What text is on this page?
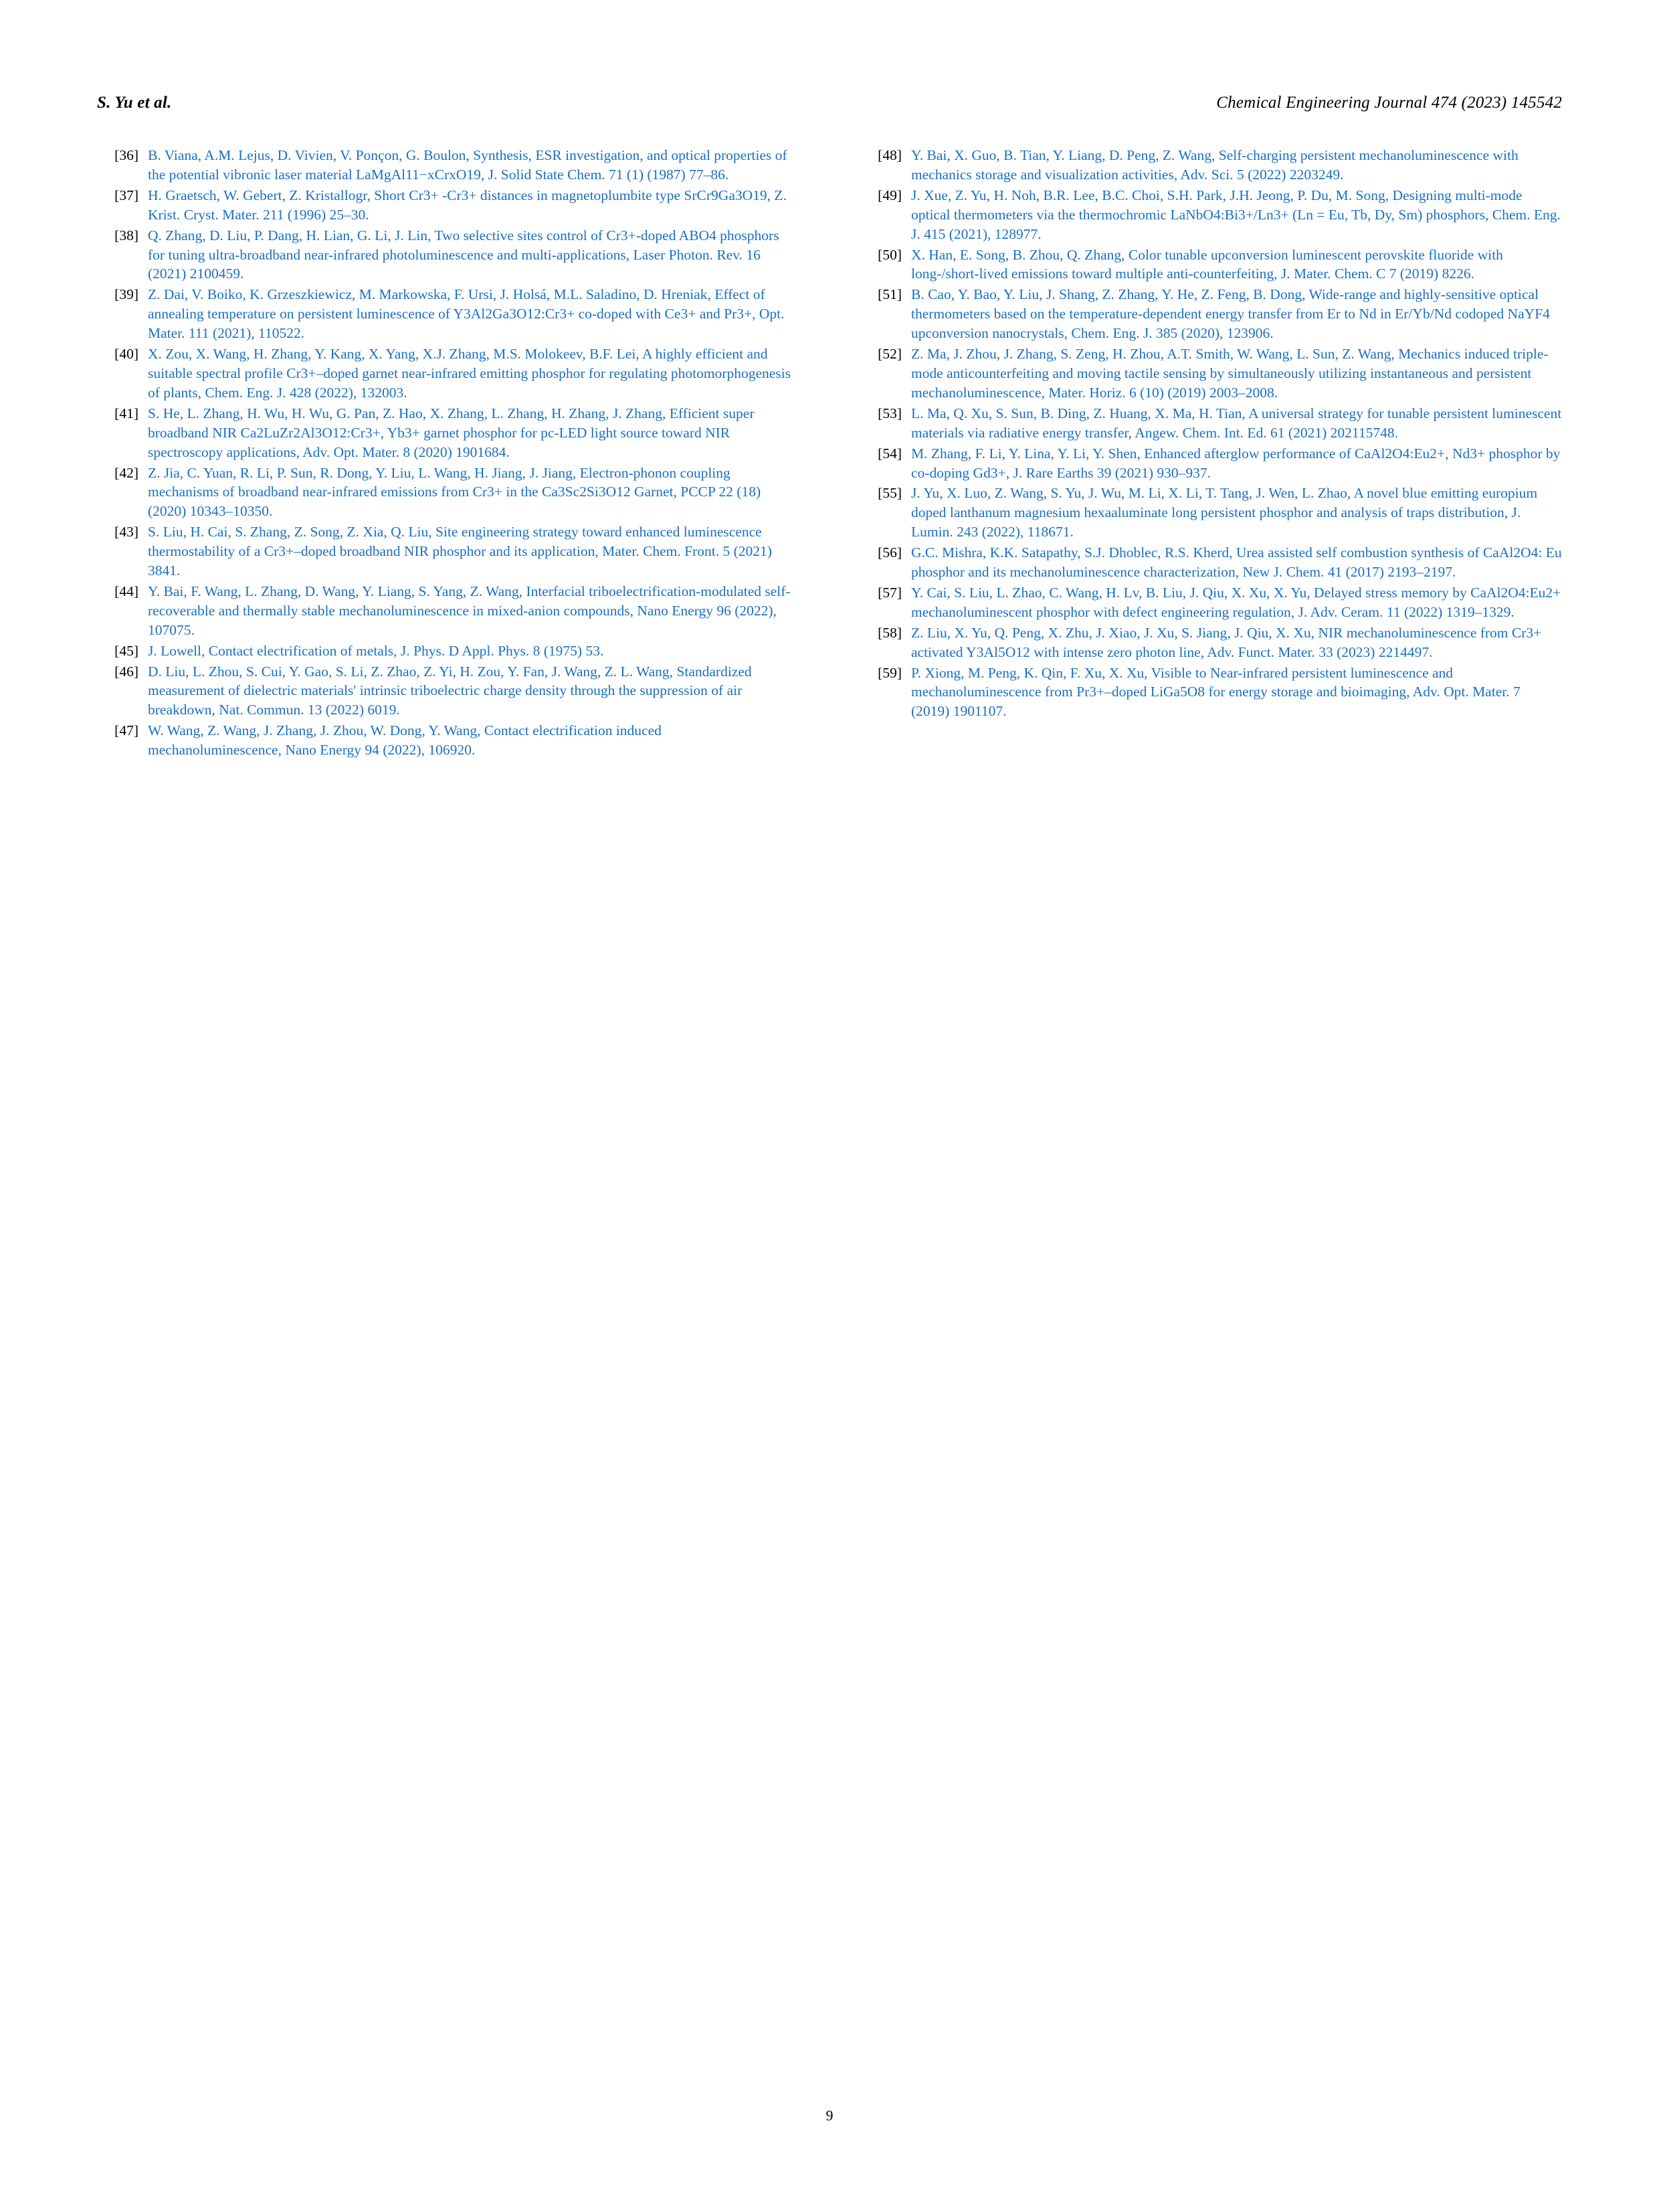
S. Yu et al.	Chemical Engineering Journal 474 (2023) 145542
[36] B. Viana, A.M. Lejus, D. Vivien, V. Ponçon, G. Boulon, Synthesis, ESR investigation, and optical properties of the potential vibronic laser material LaMgAl11−xCrxO19, J. Solid State Chem. 71 (1) (1987) 77–86.
[37] H. Graetsch, W. Gebert, Z. Kristallogr, Short Cr3+ -Cr3+ distances in magnetoplumbite type SrCr9Ga3O19, Z. Krist. Cryst. Mater. 211 (1996) 25–30.
[38] Q. Zhang, D. Liu, P. Dang, H. Lian, G. Li, J. Lin, Two selective sites control of Cr3+-doped ABO4 phosphors for tuning ultra-broadband near-infrared photoluminescence and multi-applications, Laser Photon. Rev. 16 (2021) 2100459.
[39] Z. Dai, V. Boiko, K. Grzeszkiewicz, M. Markowska, F. Ursi, J. Holsá, M.L. Saladino, D. Hreniak, Effect of annealing temperature on persistent luminescence of Y3Al2Ga3O12:Cr3+ co-doped with Ce3+ and Pr3+, Opt. Mater. 111 (2021), 110522.
[40] X. Zou, X. Wang, H. Zhang, Y. Kang, X. Yang, X.J. Zhang, M.S. Molokeev, B.F. Lei, A highly efficient and suitable spectral profile Cr3+–doped garnet near-infrared emitting phosphor for regulating photomorphogenesis of plants, Chem. Eng. J. 428 (2022), 132003.
[41] S. He, L. Zhang, H. Wu, H. Wu, G. Pan, Z. Hao, X. Zhang, L. Zhang, H. Zhang, J. Zhang, Efficient super broadband NIR Ca2LuZr2Al3O12:Cr3+, Yb3+ garnet phosphor for pc-LED light source toward NIR spectroscopy applications, Adv. Opt. Mater. 8 (2020) 1901684.
[42] Z. Jia, C. Yuan, R. Li, P. Sun, R. Dong, Y. Liu, L. Wang, H. Jiang, J. Jiang, Electron-phonon coupling mechanisms of broadband near-infrared emissions from Cr3+ in the Ca3Sc2Si3O12 Garnet, PCCP 22 (18) (2020) 10343–10350.
[43] S. Liu, H. Cai, S. Zhang, Z. Song, Z. Xia, Q. Liu, Site engineering strategy toward enhanced luminescence thermostability of a Cr3+–doped broadband NIR phosphor and its application, Mater. Chem. Front. 5 (2021) 3841.
[44] Y. Bai, F. Wang, L. Zhang, D. Wang, Y. Liang, S. Yang, Z. Wang, Interfacial triboelectrification-modulated self-recoverable and thermally stable mechanoluminescence in mixed-anion compounds, Nano Energy 96 (2022), 107075.
[45] J. Lowell, Contact electrification of metals, J. Phys. D Appl. Phys. 8 (1975) 53.
[46] D. Liu, L. Zhou, S. Cui, Y. Gao, S. Li, Z. Zhao, Z. Yi, H. Zou, Y. Fan, J. Wang, Z. L. Wang, Standardized measurement of dielectric materials' intrinsic triboelectric charge density through the suppression of air breakdown, Nat. Commun. 13 (2022) 6019.
[47] W. Wang, Z. Wang, J. Zhang, J. Zhou, W. Dong, Y. Wang, Contact electrification induced mechanoluminescence, Nano Energy 94 (2022), 106920.
[48] Y. Bai, X. Guo, B. Tian, Y. Liang, D. Peng, Z. Wang, Self-charging persistent mechanoluminescence with mechanics storage and visualization activities, Adv. Sci. 5 (2022) 2203249.
[49] J. Xue, Z. Yu, H. Noh, B.R. Lee, B.C. Choi, S.H. Park, J.H. Jeong, P. Du, M. Song, Designing multi-mode optical thermometers via the thermochromic LaNbO4:Bi3+/Ln3+ (Ln = Eu, Tb, Dy, Sm) phosphors, Chem. Eng. J. 415 (2021), 128977.
[50] X. Han, E. Song, B. Zhou, Q. Zhang, Color tunable upconversion luminescent perovskite fluoride with long-/short-lived emissions toward multiple anti-counterfeiting, J. Mater. Chem. C 7 (2019) 8226.
[51] B. Cao, Y. Bao, Y. Liu, J. Shang, Z. Zhang, Y. He, Z. Feng, B. Dong, Wide-range and highly-sensitive optical thermometers based on the temperature-dependent energy transfer from Er to Nd in Er/Yb/Nd codoped NaYF4 upconversion nanocrystals, Chem. Eng. J. 385 (2020), 123906.
[52] Z. Ma, J. Zhou, J. Zhang, S. Zeng, H. Zhou, A.T. Smith, W. Wang, L. Sun, Z. Wang, Mechanics induced triple-mode anticounterfeiting and moving tactile sensing by simultaneously utilizing instantaneous and persistent mechanoluminescence, Mater. Horiz. 6 (10) (2019) 2003–2008.
[53] L. Ma, Q. Xu, S. Sun, B. Ding, Z. Huang, X. Ma, H. Tian, A universal strategy for tunable persistent luminescent materials via radiative energy transfer, Angew. Chem. Int. Ed. 61 (2021) 202115748.
[54] M. Zhang, F. Li, Y. Lina, Y. Li, Y. Shen, Enhanced afterglow performance of CaAl2O4:Eu2+, Nd3+ phosphor by co-doping Gd3+, J. Rare Earths 39 (2021) 930–937.
[55] J. Yu, X. Luo, Z. Wang, S. Yu, J. Wu, M. Li, X. Li, T. Tang, J. Wen, L. Zhao, A novel blue emitting europium doped lanthanum magnesium hexaaluminate long persistent phosphor and analysis of traps distribution, J. Lumin. 243 (2022), 118671.
[56] G.C. Mishra, K.K. Satapathy, S.J. Dhoblec, R.S. Kherd, Urea assisted self combustion synthesis of CaAl2O4: Eu phosphor and its mechanoluminescence characterization, New J. Chem. 41 (2017) 2193–2197.
[57] Y. Cai, S. Liu, L. Zhao, C. Wang, H. Lv, B. Liu, J. Qiu, X. Xu, X. Yu, Delayed stress memory by CaAl2O4:Eu2+ mechanoluminescent phosphor with defect engineering regulation, J. Adv. Ceram. 11 (2022) 1319–1329.
[58] Z. Liu, X. Yu, Q. Peng, X. Zhu, J. Xiao, J. Xu, S. Jiang, J. Qiu, X. Xu, NIR mechanoluminescence from Cr3+ activated Y3Al5O12 with intense zero photon line, Adv. Funct. Mater. 33 (2023) 2214497.
[59] P. Xiong, M. Peng, K. Qin, F. Xu, X. Xu, Visible to Near-infrared persistent luminescence and mechanoluminescence from Pr3+–doped LiGa5O8 for energy storage and bioimaging, Adv. Opt. Mater. 7 (2019) 1901107.
9
